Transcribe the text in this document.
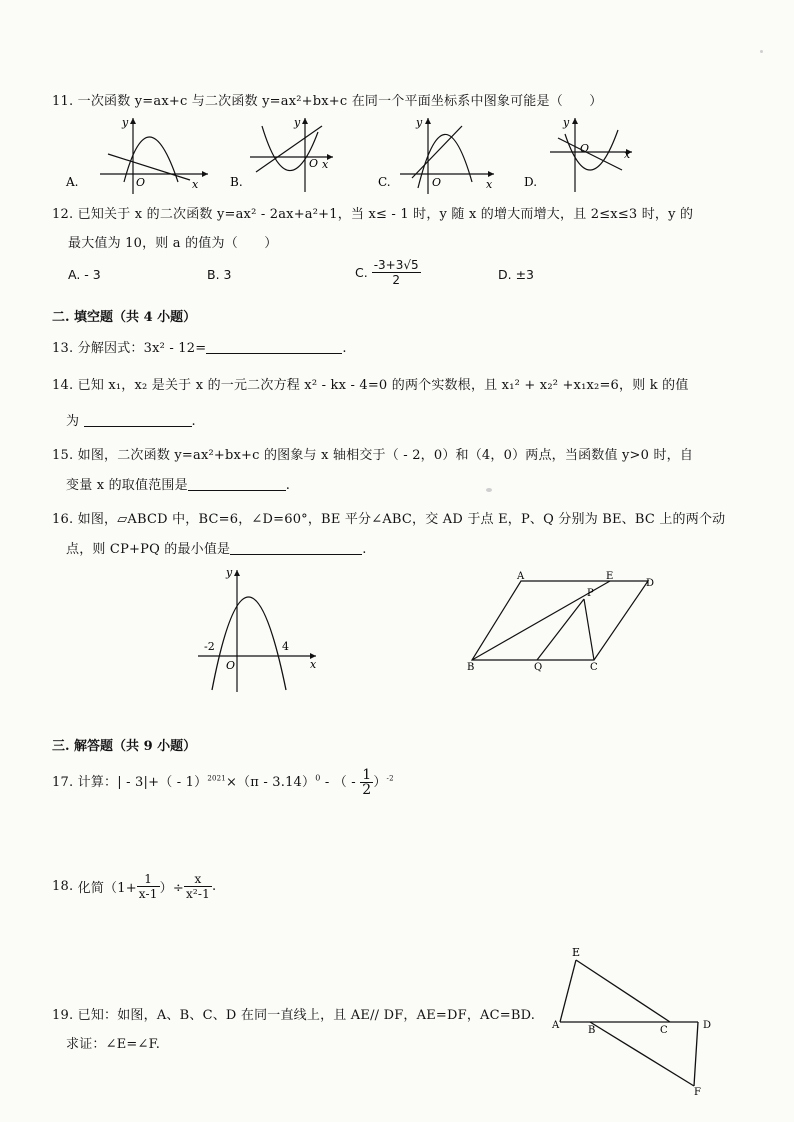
11. 一次函数 y=ax+c 与二次函数 y=ax²+bx+c 在同一个平面坐标系中图象可能是（　　）
A.
y
x
O	B.
y
x
O
C.
y
x
O	D.
y
x
O
12. 已知关于 x 的二次函数 y=ax² - 2ax+a²+1，当 x≤ - 1 时，y 随 x 的增大而增大，且 2≤x≤3 时，y 的
最大值为 10，则 a 的值为（　　）
A. - 3	B. 3	C. $\frac{-3+3√5}{2}$	D. ±3
二. 填空题（共 4 小题）
13. 分解因式：3x² - 12=	.
14. 已知 x₁，x₂ 是关于 x 的一元二次方程 x² - kx - 4=0 的两个实数根，且 x₁² + x₂² +x₁x₂=6，则 k 的值
为	.
15. 如图，二次函数 y=ax²+bx+c 的图象与 x 轴相交于（ - 2，0）和（4，0）两点，当函数值 y>0 时，自
变量 x 的取值范围是	.
16. 如图，▱ABCD 中，BC=6，∠D=60°，BE 平分∠ABC，交 AD 于点 E，P、Q 分别为 BE、BC 上的两个动
点，则 CP+PQ 的最小值是	.
y
x
O
-2	4
A	E
D
P
B	Q	C
三. 解答题（共 9 小题）
17. 计算：| - 3|+（ - 1）$^{2021}$×（π - 3.14）$^0$ - （ - $\frac{1}{2} )^{-2}$
18. 化简（$1+ \frac{1}{x-1}$ ）÷ $\frac{x}{\text{x²-1}}$ .
19. 已知：如图，A、B、C、D 在同一直线上，且 AE// DF，AE=DF，AC=BD.
求证：∠E=∠F.
E
A	B	C	D
F
